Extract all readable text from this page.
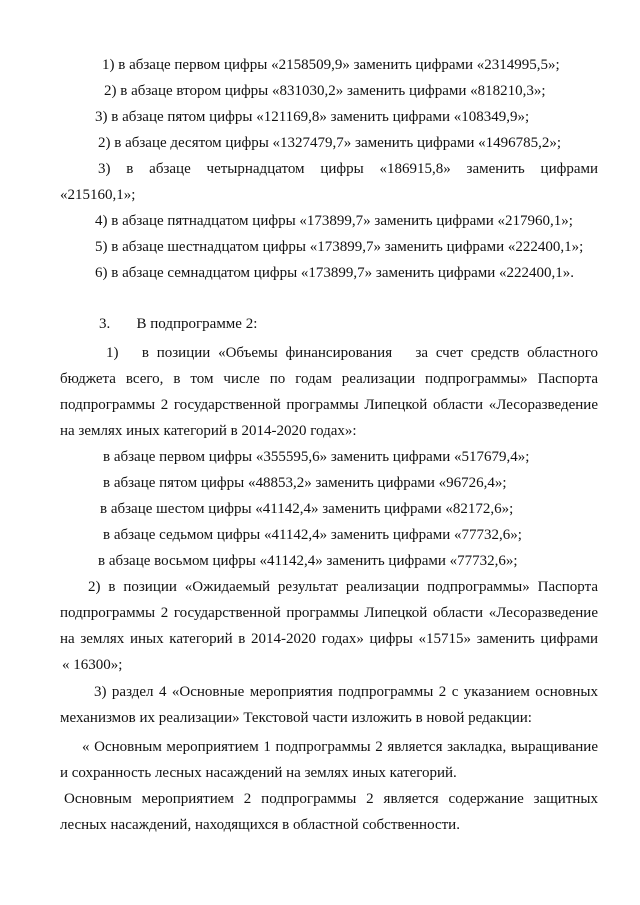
1) в абзаце первом цифры «2158509,9» заменить цифрами «2314995,5»;
2) в абзаце втором цифры «831030,2» заменить цифрами «818210,3»;
3) в абзаце пятом цифры «121169,8» заменить цифрами «108349,9»;
2) в абзаце десятом цифры «1327479,7» заменить цифрами «1496785,2»;
3) в абзаце четырнадцатом цифры «186915,8» заменить цифрами
«215160,1»;
4) в абзаце пятнадцатом цифры «173899,7» заменить цифрами «217960,1»;
5) в абзаце шестнадцатом цифры «173899,7» заменить цифрами «222400,1»;
6) в абзаце семнадцатом цифры «173899,7» заменить цифрами «222400,1».
3.       В подпрограмме 2:
1)   в позиции «Объемы финансирования   за счет средств областного
бюджета всего, в том числе по годам реализации подпрограммы» Паспорта
подпрограммы 2 государственной программы Липецкой области «Лесоразведение
на землях иных категорий в 2014-2020 годах»:
в абзаце первом цифры «355595,6» заменить цифрами «517679,4»;
в абзаце пятом цифры «48853,2» заменить цифрами «96726,4»;
в абзаце шестом цифры «41142,4» заменить цифрами «82172,6»;
в абзаце седьмом цифры «41142,4» заменить цифрами «77732,6»;
в абзаце восьмом цифры «41142,4» заменить цифрами «77732,6»;
2) в позиции «Ожидаемый результат реализации подпрограммы» Паспорта
подпрограммы 2 государственной программы Липецкой области «Лесоразведение
на землях иных категорий в 2014-2020 годах» цифры «15715» заменить цифрами
« 16300»;
3) раздел 4 «Основные мероприятия подпрограммы 2 с указанием основных
механизмов их реализации» Текстовой части изложить в новой редакции:
« Основным мероприятием 1 подпрограммы 2 является закладка, выращивание
и сохранность лесных насаждений на землях иных категорий.
Основным мероприятием 2 подпрограммы 2 является содержание защитных
лесных насаждений, находящихся в областной собственности.
